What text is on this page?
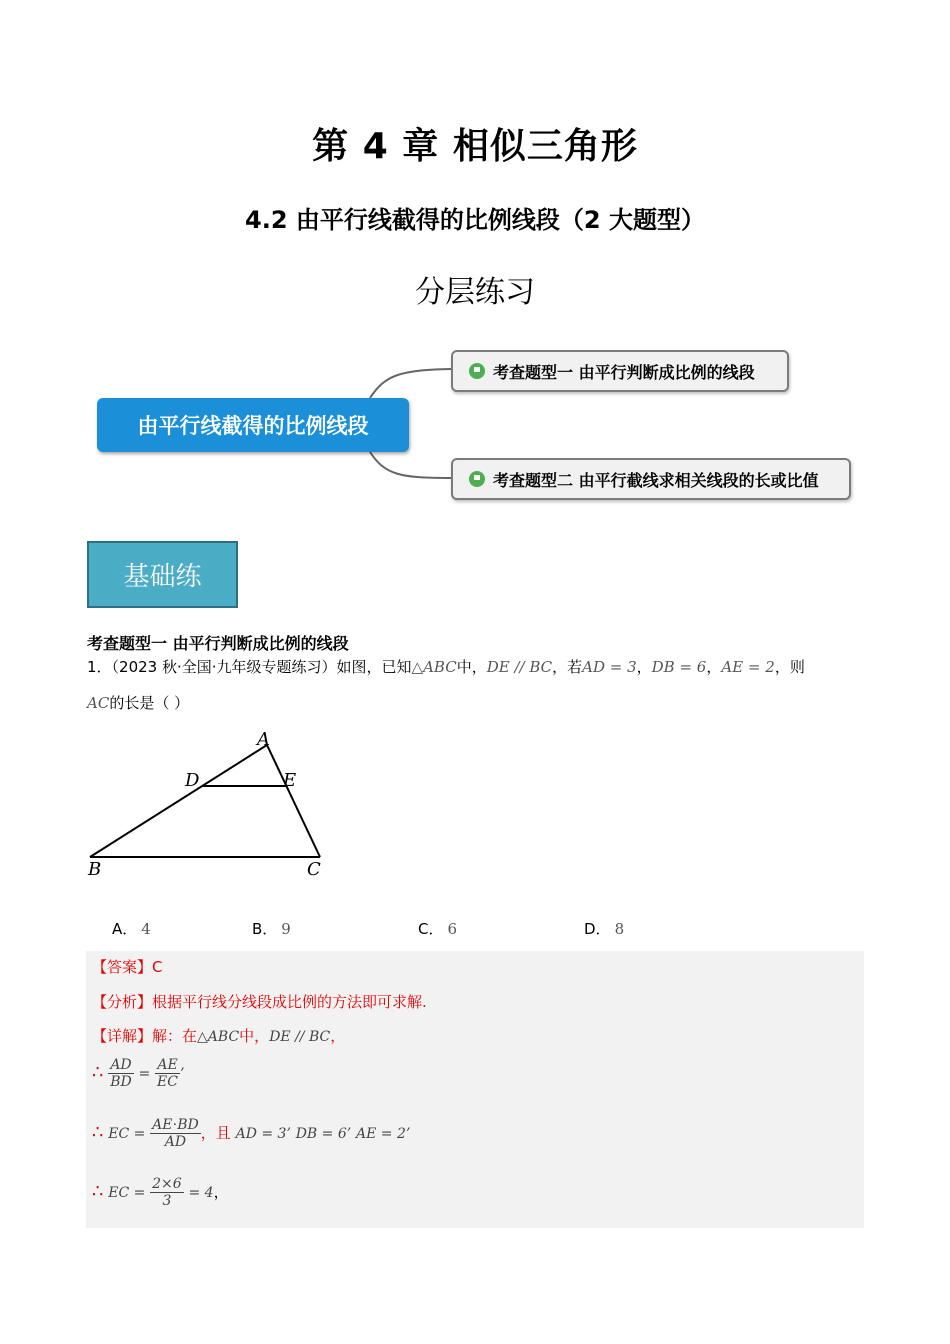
第 4 章 相似三角形
4.2 由平行线截得的比例线段（2 大题型）
分层练习
由平行线截得的比例线段
考查题型一 由平行判断成比例的线段
考查题型二 由平行截线求相关线段的长或比值
基础练
考查题型一 由平行判断成比例的线段
1．（2023 秋·全国·九年级专题练习）如图，已知△ABC中，DE // BC，若AD = 3，DB = 6，AE = 2，则
AC的长是（ ）
A
D	E
B	C
A． 4	B． 9	C． 6	D． 8
【答案】C
【分析】根据平行线分线段成比例的方法即可求解.
【详解】解：在△ABC中，DE // BC，
∴ $\frac{AD}{BD} = \frac{AE}{EC}$ ’
∴ EC = $\frac{AE\cdot BD}{AD}$ ，且 AD = 3’ DB = 6’ AE = 2’
∴ EC = $\frac{2\times 6}{3} = 4$，
